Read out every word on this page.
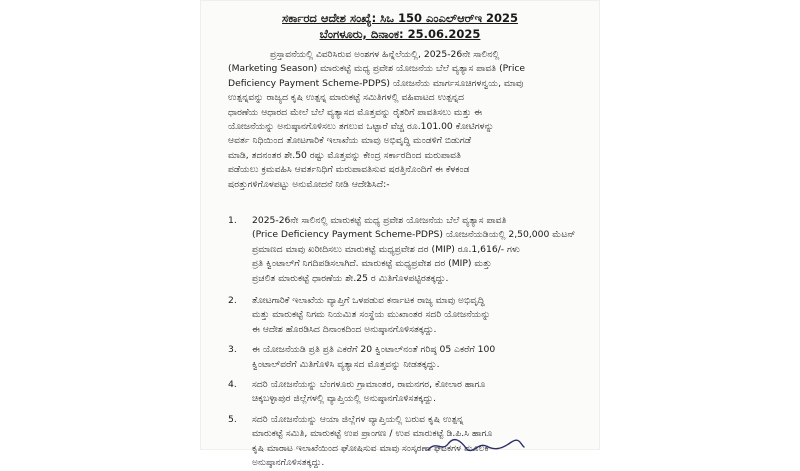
ಸರ್ಕಾರದ ಆದೇಶ ಸಂಖ್ಯೆ: ಸಿಒ 150 ಎಂಎಲ್‌ಆರ್‌ಇ 2025

ಬೆಂಗಳೂರು, ದಿನಾಂಕ: 25.06.2025

ಪ್ರಸ್ತಾವನೆಯಲ್ಲಿ ವಿವರಿಸಿರುವ ಅಂಶಗಳ ಹಿನ್ನೆಲೆಯಲ್ಲಿ, 2025-26ನೇ ಸಾಲಿನಲ್ಲಿ
(Marketing Season) ಮಾರುಕಟ್ಟೆ ಮಧ್ಯ ಪ್ರವೇಶ ಯೋಜನೆಯ ಬೆಲೆ ವ್ಯತ್ಯಾಸ ಪಾವತಿ (Price
Deficiency Payment Scheme-PDPS) ಯೋಜನೆಯ ಮಾರ್ಗಸೂಚಿಗಳನ್ವಯ, ಮಾವು
ಉತ್ಪನ್ನವನ್ನು ರಾಜ್ಯದ ಕೃಷಿ ಉತ್ಪನ್ನ ಮಾರುಕಟ್ಟೆ ಸಮಿತಿಗಳಲ್ಲಿ ವಹಿವಾಟದ ಉತ್ಪನ್ನದ
ಧಾರಣೆಯ ಆಧಾರದ ಮೇಲೆ ಬೆಲೆ ವ್ಯತ್ಯಾಸದ ಮೊತ್ತವನ್ನು ರೈತರಿಗೆ ಪಾವತಿಸಲು ಮತ್ತು ಈ
ಯೋಜನೆಯನ್ನು ಅನುಷ್ಠಾನಗೊಳಿಸಲು ತಗಲುವ ಒಟ್ಟಾರೆ ವೆಚ್ಚ ರೂ.101.00 ಕೋಟಿಗಳನ್ನು
ಆವರ್ತ ನಿಧಿಯಿಂದ ತೋಟಗಾರಿಕೆ ಇಲಾಖೆಯ ಮಾವು ಅಭಿವೃದ್ಧಿ ಮಂಡಳಿಗೆ ಬಿಡುಗಡೆ
ಮಾಡಿ, ತದನಂತರ ಶೇ.50 ರಷ್ಟು ಮೊತ್ತವನ್ನು ಕೇಂದ್ರ ಸರ್ಕಾರದಿಂದ ಮರುಪಾವತಿ
ಪಡೆಯಲು ಕ್ರಮವಹಿಸಿ ಆವರ್ತನಿಧಿಗೆ ಮರುಪಾವತಿಸುವ ಷರತ್ತಿನೊಂದಿಗೆ ಈ ಕೆಳಕಂಡ
ಷರತ್ತುಗಳಿಗೊಳಪಟ್ಟು ಅನುಮೋದನೆ ನೀಡಿ ಆದೇಶಿಸಿದೆ:-
1.	2025-26ನೇ ಸಾಲಿನಲ್ಲಿ ಮಾರುಕಟ್ಟೆ ಮಧ್ಯ ಪ್ರವೇಶ ಯೋಜನೆಯ ಬೆಲೆ ವ್ಯತ್ಯಾಸ ಪಾವತಿ
(Price Deficiency Payment Scheme-PDPS) ಯೋಜನೆಯಡಿಯಲ್ಲಿ 2,50,000 ಮೆಟನ್
ಪ್ರಮಾಣದ ಮಾವು ಖರೀದಿಸಲು ಮಾರುಕಟ್ಟೆ ಮಧ್ಯಪ್ರವೇಶ ದರ (MIP) ರೂ.1,616/- ಗಳು
ಪ್ರತಿ ಕ್ವಿಂಟಾಲ್‌ಗೆ ನಿಗದಿಪಡಿಸಲಾಗಿದೆ. ಮಾರುಕಟ್ಟೆ ಮಧ್ಯಪ್ರವೇಶ ದರ (MIP) ಮತ್ತು
ಪ್ರಚಲಿತ ಮಾರುಕಟ್ಟೆ ಧಾರಣೆಯ ಶೇ.25 ರ ಮಿತಿಗೊಳಪಟ್ಟಿರತಕ್ಕದ್ದು.
2.	ತೋಟಗಾರಿಕೆ ಇಲಾಖೆಯ ವ್ಯಾಪ್ತಿಗೆ ಒಳಪಡುವ ಕರ್ನಾಟಕ ರಾಜ್ಯ ಮಾವು ಅಭಿವೃದ್ಧಿ
ಮತ್ತು ಮಾರುಕಟ್ಟೆ ನಿಗಮ ನಿಯಮಿತ ಸಂಸ್ಥೆಯ ಮುಖಾಂತರ ಸದರಿ ಯೋಜನೆಯನ್ನು
ಈ ಆದೇಶ ಹೊರಡಿಸಿದ ದಿನಾಂಕದಿಂದ ಅನುಷ್ಠಾನಗೊಳಿಸತಕ್ಕದ್ದು.
3.	ಈ ಯೋಜನೆಯಡಿ ಪ್ರತಿ ಪ್ರತಿ ಎಕರೆಗೆ 20 ಕ್ವಿಂಟಾಲ್‌ನಂತೆ ಗರಿಷ್ಠ 05 ಎಕರೆಗೆ 100
ಕ್ವಿಂಟಾಲ್‌ವರೆಗೆ ಮಿತಿಗೊಳಿಸಿ ವ್ಯತ್ಯಾಸದ ಮೊತ್ತವನ್ನು ನೀಡತಕ್ಕದ್ದು.
4.	ಸದರಿ ಯೋಜನೆಯನ್ನು ಬೆಂಗಳೂರು ಗ್ರಾಮಾಂತರ, ರಾಮನಗರ, ಕೋಲಾರ ಹಾಗೂ
ಚಿಕ್ಕಬಳ್ಳಾಪುರ ಜಿಲ್ಲೆಗಳಲ್ಲಿ ವ್ಯಾಪ್ತಿಯಲ್ಲಿ ಅನುಷ್ಠಾನಗೊಳಿಸತಕ್ಕದ್ದು.
5.	ಸದರಿ ಯೋಜನೆಯನ್ನು ಆಯಾ ಜಿಲ್ಲೆಗಳ ವ್ಯಾಪ್ತಿಯಲ್ಲಿ ಬರುವ ಕೃಷಿ ಉತ್ಪನ್ನ
ಮಾರುಕಟ್ಟೆ ಸಮಿತಿ, ಮಾರುಕಟ್ಟೆ ಉಪ ಪ್ರಾಂಗಣ / ಉಪ ಮಾರುಕಟ್ಟೆ ಡಿ.ಪಿ.ಸಿ ಹಾಗೂ
ಕೃಷಿ ಮಾರಾಟ ಇಲಾಖೆಯಿಂದ ಘೋಷಿಸುವ ಮಾವು ಸಂಸ್ಕರಣಾ ಘಟಕಗಳ ಮೂಲಕ
ಅನುಷ್ಠಾನಗೊಳಿಸತಕ್ಕದ್ದು.
